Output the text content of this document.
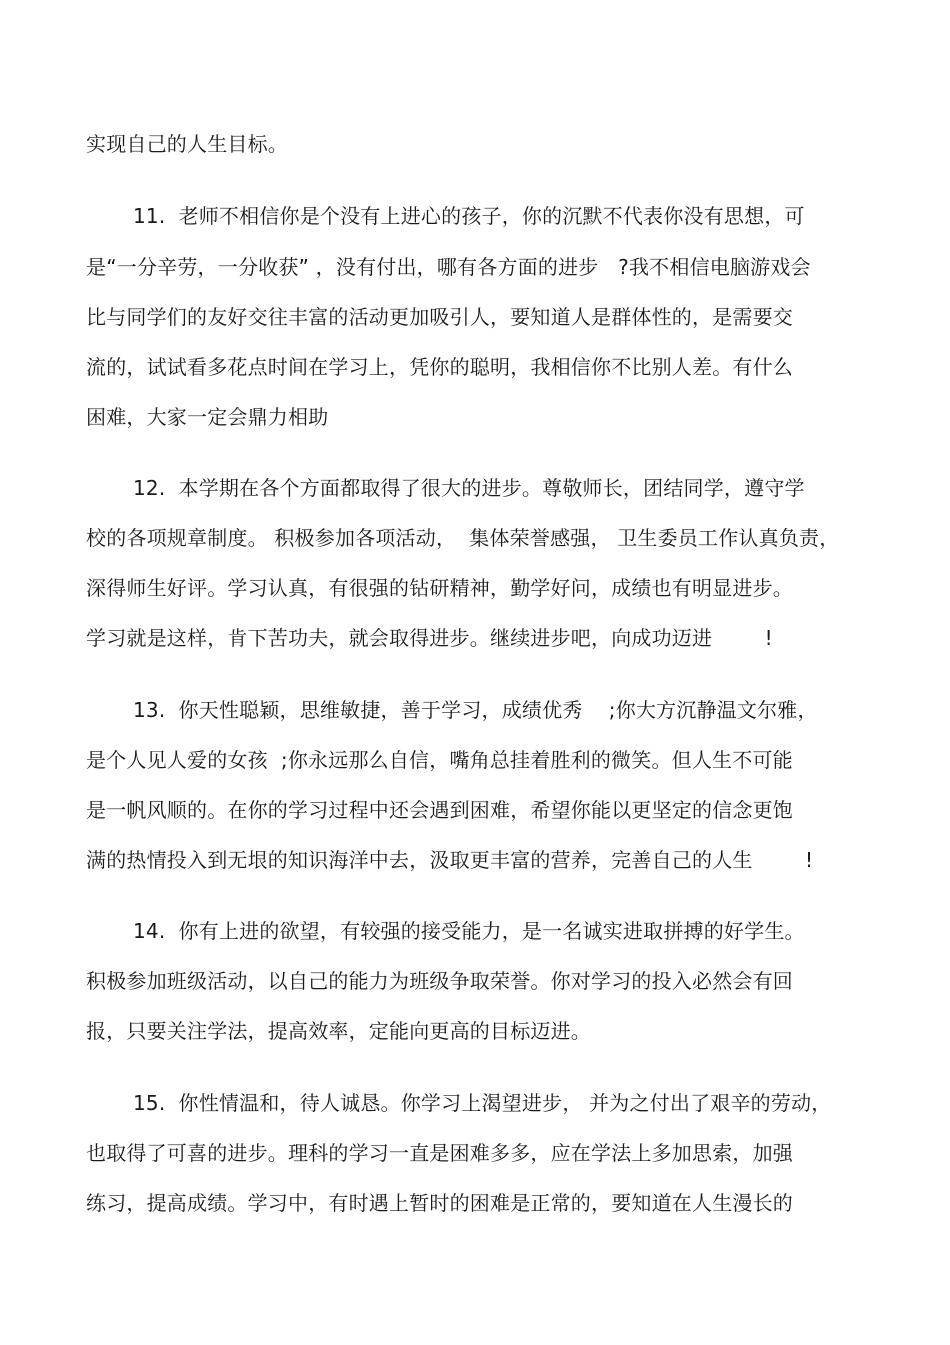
实现自己的人生目标。
11.  老师不相信你是个没有上进心的孩子，你的沉默不代表你没有思想，可
是“一分辛劳，一分收获” ，没有付出，哪有各方面的进步   ?我不相信电脑游戏会
比与同学们的友好交往丰富的活动更加吸引人，要知道人是群体性的，是需要交
流的，试试看多花点时间在学习上，凭你的聪明，我相信你不比别人差。有什么
困难，大家一定会鼎力相助
12.  本学期在各个方面都取得了很大的进步。尊敬师长，团结同学，遵守学
校的各项规章制度。 积极参加各项活动，  集体荣誉感强， 卫生委员工作认真负责，
深得师生好评。学习认真，有很强的钻研精神，勤学好问，成绩也有明显进步。
学习就是这样，肯下苦功夫，就会取得进步。继续进步吧，向成功迈进        !
13.  你天性聪颖，思维敏捷，善于学习，成绩优秀    ;你大方沉静温文尔雅，
是个人见人爱的女孩  ;你永远那么自信，嘴角总挂着胜利的微笑。但人生不可能
是一帆风顺的。在你的学习过程中还会遇到困难，希望你能以更坚定的信念更饱
满的热情投入到无垠的知识海洋中去，汲取更丰富的营养，完善自己的人生        !
14.  你有上进的欲望，有较强的接受能力，是一名诚实进取拼搏的好学生。
积极参加班级活动，以自己的能力为班级争取荣誉。你对学习的投入必然会有回
报，只要关注学法，提高效率，定能向更高的目标迈进。
15.  你性情温和，待人诚恳。你学习上渴望进步， 并为之付出了艰辛的劳动，
也取得了可喜的进步。理科的学习一直是困难多多，应在学法上多加思索，加强
练习，提高成绩。学习中，有时遇上暂时的困难是正常的，要知道在人生漫长的
